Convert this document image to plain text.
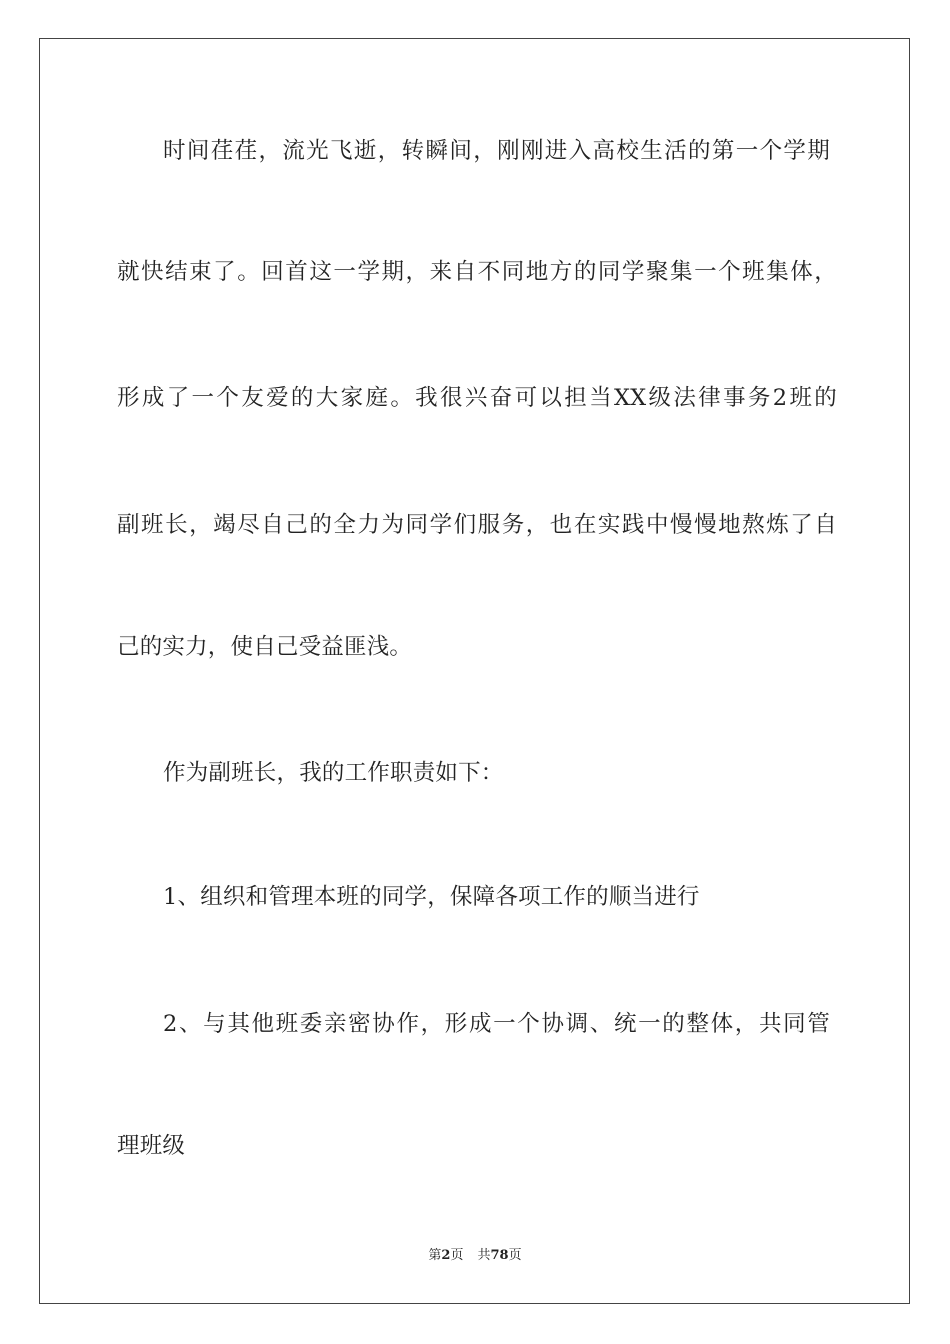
时间荏荏，流光飞逝，转瞬间，刚刚进入高校生活的第一个学期
就快结束了。回首这一学期，来自不同地方的同学聚集一个班集体，
形成了一个友爱的大家庭。我很兴奋可以担当XX级法律事务2班的
副班长，竭尽自己的全力为同学们服务，也在实践中慢慢地熬炼了自
己的实力，使自己受益匪浅。
作为副班长，我的工作职责如下：
1、组织和管理本班的同学，保障各项工作的顺当进行
2、与其他班委亲密协作，形成一个协调、统一的整体，共同管
理班级
第2页 共78页
